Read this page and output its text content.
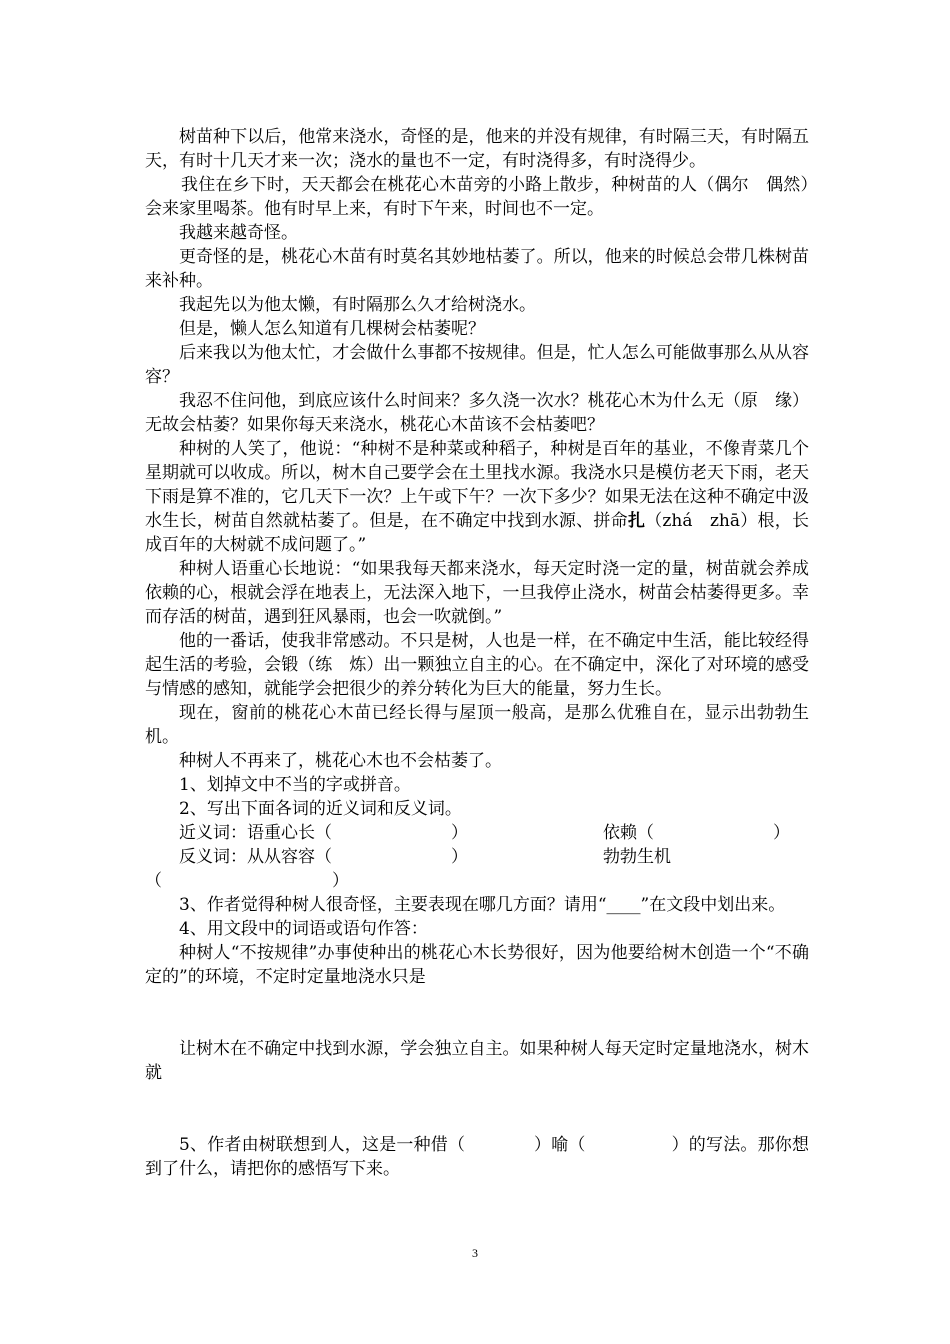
树苗种下以后，他常来浇水，奇怪的是，他来的并没有规律，有时隔三天，有时隔五天，有时十几天才来一次；浇水的量也不一定，有时浇得多，有时浇得少。

我住在乡下时，天天都会在桃花心木苗旁的小路上散步，种树苗的人（偶尔　偶然）会来家里喝茶。他有时早上来，有时下午来，时间也不一定。

我越来越奇怪。

更奇怪的是，桃花心木苗有时莫名其妙地枯萎了。所以，他来的时候总会带几株树苗来补种。

我起先以为他太懒，有时隔那么久才给树浇水。

但是，懒人怎么知道有几棵树会枯萎呢？

后来我以为他太忙，才会做什么事都不按规律。但是，忙人怎么可能做事那么从从容容？

我忍不住问他，到底应该什么时间来？多久浇一次水？桃花心木为什么无（原　缘）无故会枯萎？如果你每天来浇水，桃花心木苗该不会枯萎吧？

种树的人笑了，他说：“种树不是种菜或种稻子，种树是百年的基业，不像青菜几个星期就可以收成。所以，树木自己要学会在土里找水源。我浇水只是模仿老天下雨，老天下雨是算不准的，它几天下一次？上午或下午？一次下多少？如果无法在这种不确定中汲水生长，树苗自然就枯萎了。但是，在不确定中找到水源、拼命扎（zhá　zhā）根，长成百年的大树就不成问题了。”

种树人语重心长地说：“如果我每天都来浇水，每天定时浇一定的量，树苗就会养成依赖的心，根就会浮在地表上，无法深入地下，一旦我停止浇水，树苗会枯萎得更多。幸而存活的树苗，遇到狂风暴雨，也会一吹就倒。”

他的一番话，使我非常感动。不只是树，人也是一样，在不确定中生活，能比较经得起生活的考验，会锻（练　炼）出一颗独立自主的心。在不确定中，深化了对环境的感受与情感的感知，就能学会把很少的养分转化为巨大的能量，努力生长。

现在，窗前的桃花心木苗已经长得与屋顶一般高，是那么优雅自在，显示出勃勃生机。

种树人不再来了，桃花心木也不会枯萎了。

1、划掉文中不当的字或拼音。

2、写出下面各词的近义词和反义词。

近义词：语重心长（　　　　　　　）	依赖（　　　　　　　）
反义词：从从容容（　　　　　　　）	勃勃生机
（　　　　　　　　　　）

3、作者觉得种树人很奇怪，主要表现在哪几方面？请用“____”在文段中划出来。

4、用文段中的词语或语句作答：

种树人“不按规律”办事使种出的桃花心木长势很好，因为他要给树木创造一个“不确定的”的环境，不定时定量地浇水只是

让树木在不确定中找到水源，学会独立自主。如果种树人每天定时定量地浇水，树木就

5、作者由树联想到人，这是一种借（　　　　）喻（　　　　　）的写法。那你想到了什么，请把你的感悟写下来。

3
